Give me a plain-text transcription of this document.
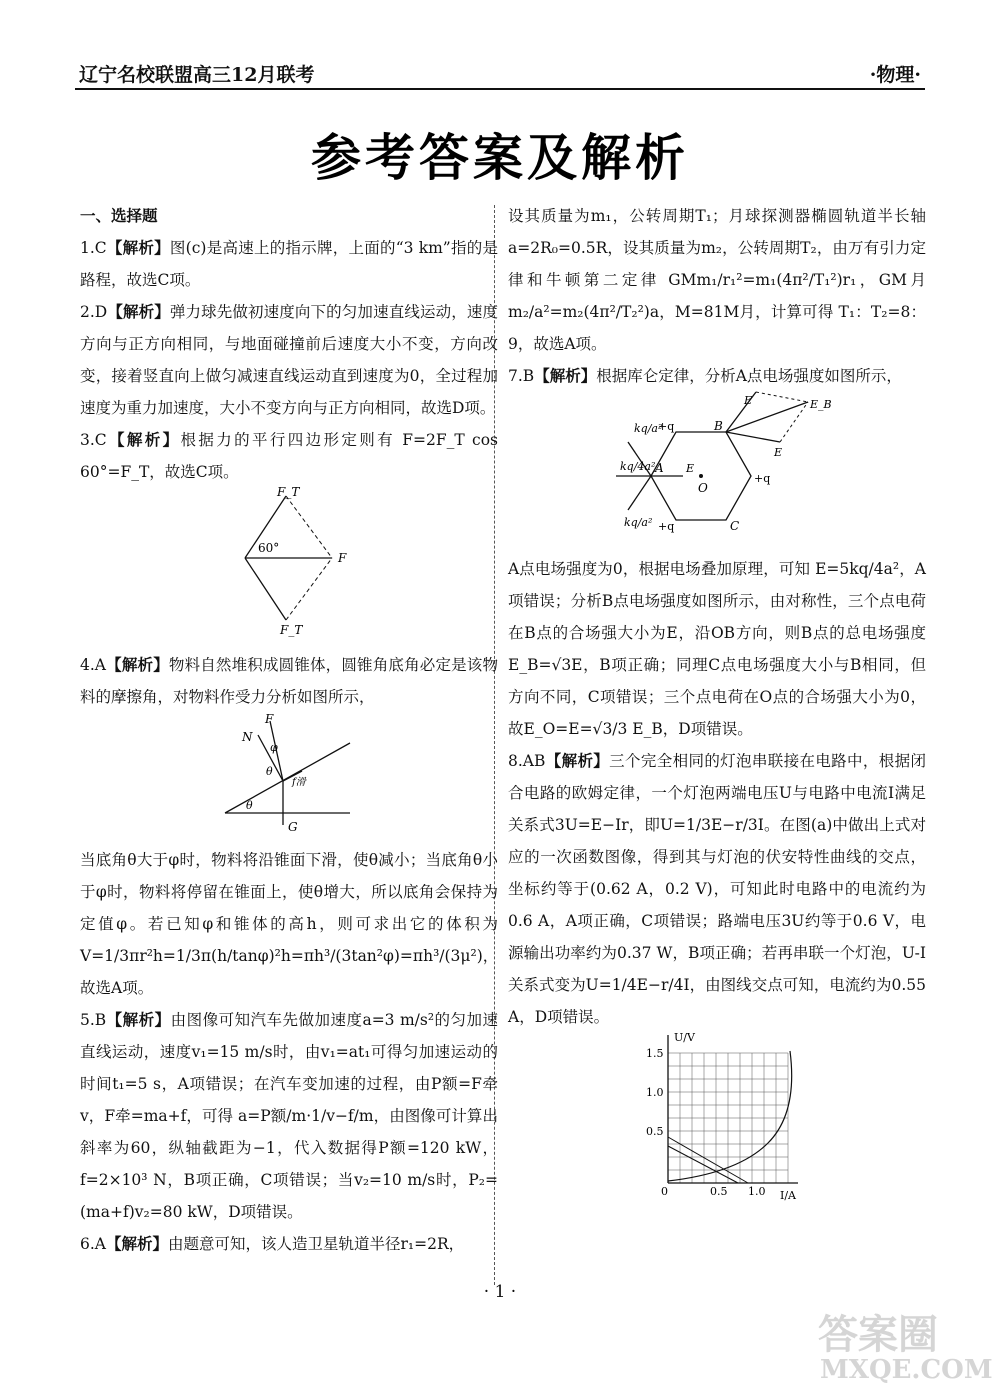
辽宁名校联盟高三12月联考	·物理·
参考答案及解析
一、选择题

1.C【解析】图(c)是高速上的指示牌，上面的“3 km”指的是路程，故选C项。

2.D【解析】弹力球先做初速度向下的匀加速直线运动，速度方向与正方向相同，与地面碰撞前后速度大小不变，方向改变，接着竖直向上做匀减速直线运动直到速度为0，全过程加速度为重力加速度，大小不变方向与正方向相同，故选D项。

3.C【解析】根据力的平行四边形定则有 F=2F_T cos 60°=F_T，故选C项。

F_T
F
F_T
60°

4.A【解析】物料自然堆积成圆锥体，圆锥角底角必定是该物料的摩擦角，对物料作受力分析如图所示，

F
N
φ
θ
θ
f滑
G

当底角θ大于φ时，物料将沿锥面下滑，使θ减小；当底角θ小于φ时，物料将停留在锥面上，使θ增大，所以底角会保持为定值φ。若已知φ和锥体的高h，则可求出它的体积为 V=1/3πr²h=1/3π(h/tanφ)²h=πh³/(3tan²φ)=πh³/(3μ²)，故选A项。

5.B【解析】由图像可知汽车先做加速度a=3 m/s²的匀加速直线运动，速度v₁=15 m/s时，由v₁=at₁可得匀加速运动的时间t₁=5 s，A项错误；在汽车变加速的过程，由P额=F牵 v，F牵=ma+f，可得 a=P额/m·1/v−f/m，由图像可计算出斜率为60，纵轴截距为−1，代入数据得P额=120 kW，f=2×10³ N，B项正确，C项错误；当v₂=10 m/s时，P₂=(ma+f)v₂=80 kW，D项错误。

6.A【解析】由题意可知，该人造卫星轨道半径r₁=2R，

设其质量为m₁，公转周期T₁；月球探测器椭圆轨道半长轴a=2R₀=0.5R，设其质量为m₂，公转周期T₂，由万有引力定律和牛顿第二定律 GMm₁/r₁²=m₁(4π²/T₁²)r₁，GM月m₂/a²=m₂(4π²/T₂²)a，M=81M月，计算可得 T₁：T₂=8：9，故选A项。

7.B【解析】根据库仑定律，分析A点电场强度如图所示，

kq/a²
kq/4a²
kq/a²
+q
+q
+q
A
B
C
O
E
E
E
E_B

A点电场强度为0，根据电场叠加原理，可知 E=5kq/4a²，A项错误；分析B点电场强度如图所示，由对称性，三个点电荷在B点的合场强大小为E，沿OB方向，则B点的总电场强度E_B=√3E，B项正确；同理C点电场强度大小与B相同，但方向不同，C项错误；三个点电荷在O点的合场强大小为0，故E_O=E=√3/3 E_B，D项错误。

8.AB【解析】三个完全相同的灯泡串联接在电路中，根据闭合电路的欧姆定律，一个灯泡两端电压U与电路中电流I满足关系式3U=E−Ir，即U=1/3E−r/3I。在图(a)中做出上式对应的一次函数图像，得到其与灯泡的伏安特性曲线的交点，坐标约等于(0.62 A，0.2 V)，可知此时电路中的电流约为0.6 A，A项正确，C项错误；路端电压3U约等于0.6 V，电源输出功率约为0.37 W，B项正确；若再串联一个灯泡，U-I关系式变为U=1/4E−r/4I，由图线交点可知，电流约为0.55 A，D项错误。

U/V
I/A
1.5
1.0
0.5
0	0.5 1.0
· 1 ·
答案圈
MXQE.COM
